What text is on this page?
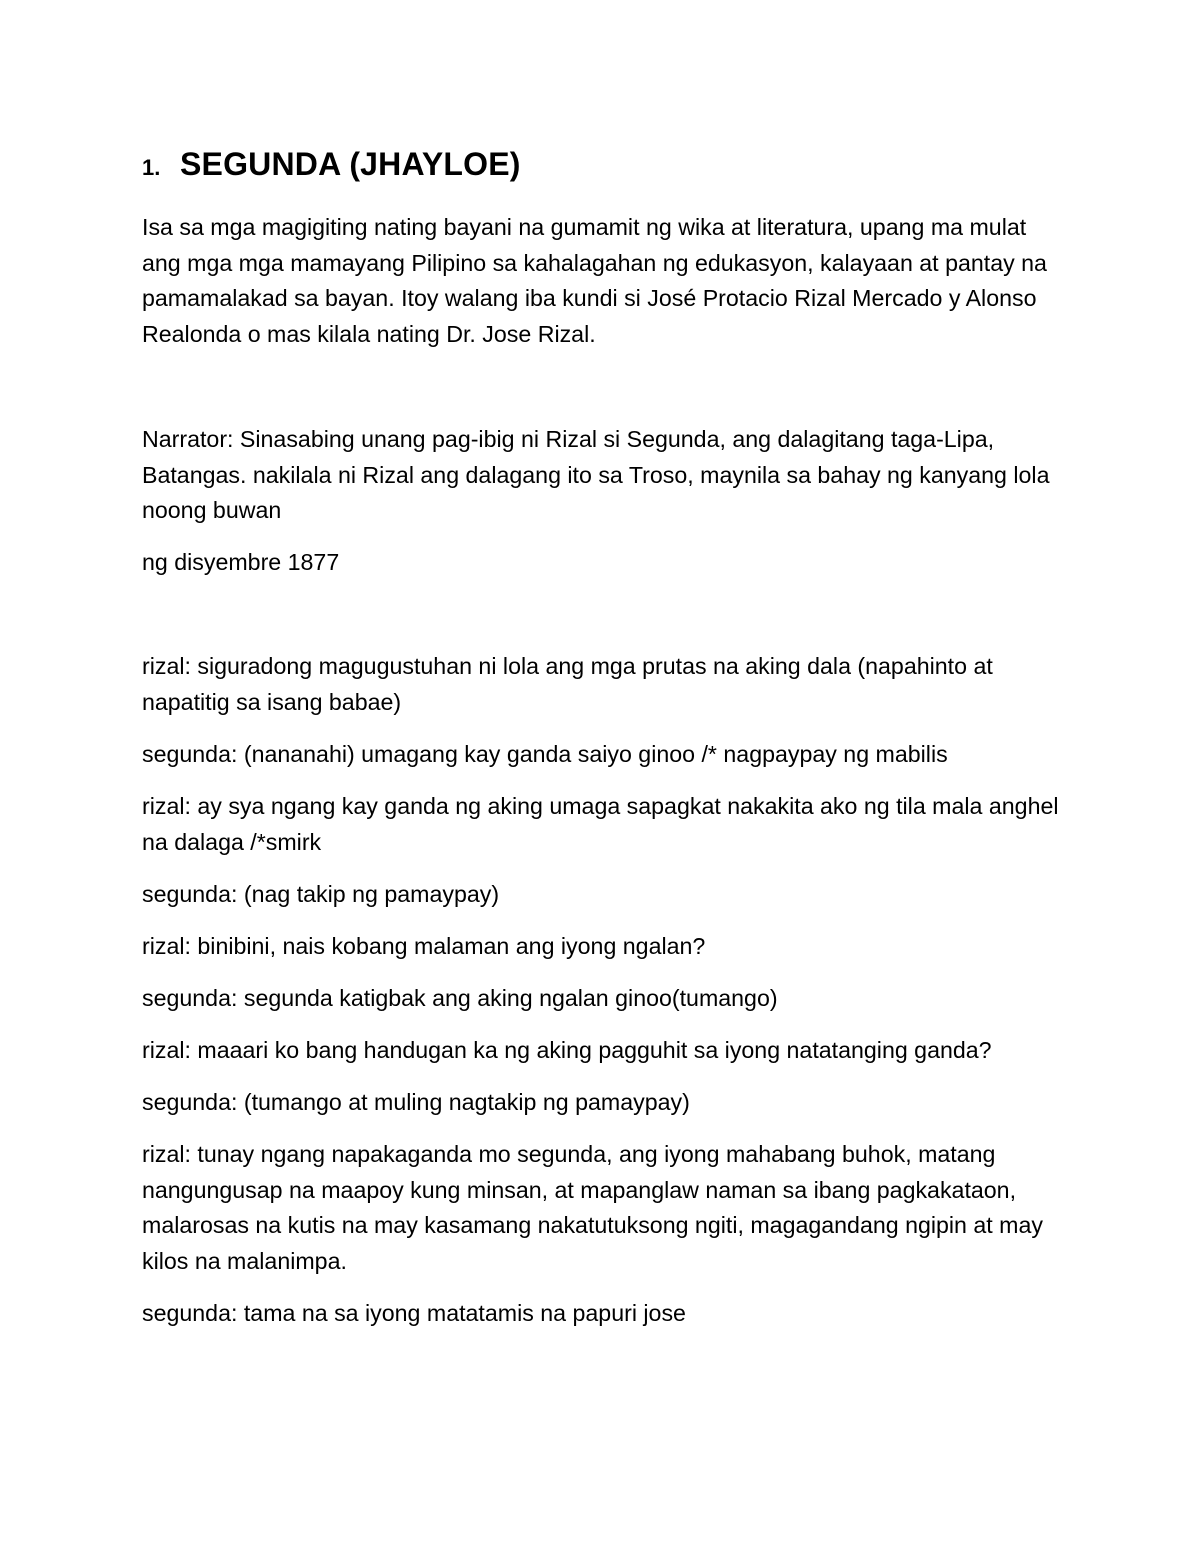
1. SEGUNDA (JHAYLOE)

Isa sa mga magigiting nating bayani na gumamit ng wika at literatura, upang ma mulat ang mga mga mamayang Pilipino sa kahalagahan ng edukasyon, kalayaan at pantay na pamamalakad sa bayan. Itoy walang iba kundi si José Protacio Rizal Mercado y Alonso Realonda o mas kilala nating Dr. Jose Rizal.

Narrator: Sinasabing unang pag-ibig ni Rizal si Segunda, ang dalagitang taga-Lipa, Batangas. nakilala ni Rizal ang dalagang ito sa Troso, maynila sa bahay ng kanyang lola noong buwan

ng disyembre 1877

rizal: siguradong magugustuhan ni lola ang mga prutas na aking dala (napahinto at napatitig sa isang babae)

segunda: (nananahi) umagang kay ganda saiyo ginoo /* nagpaypay ng mabilis

rizal: ay sya ngang kay ganda ng aking umaga sapagkat nakakita ako ng tila mala anghel na dalaga /*smirk

segunda: (nag takip ng pamaypay)

rizal: binibini, nais kobang malaman ang iyong ngalan?

segunda: segunda katigbak ang aking ngalan ginoo(tumango)

rizal: maaari ko bang handugan ka ng aking pagguhit sa iyong natatanging ganda?

segunda: (tumango at muling nagtakip ng pamaypay)

rizal: tunay ngang napakaganda mo segunda, ang iyong mahabang buhok, matang nangungusap na maapoy kung minsan, at mapanglaw naman sa ibang pagkakataon, malarosas na kutis na may kasamang nakatutuksong ngiti, magagandang ngipin at may kilos na malanimpa.

segunda: tama na sa iyong matatamis na papuri jose
